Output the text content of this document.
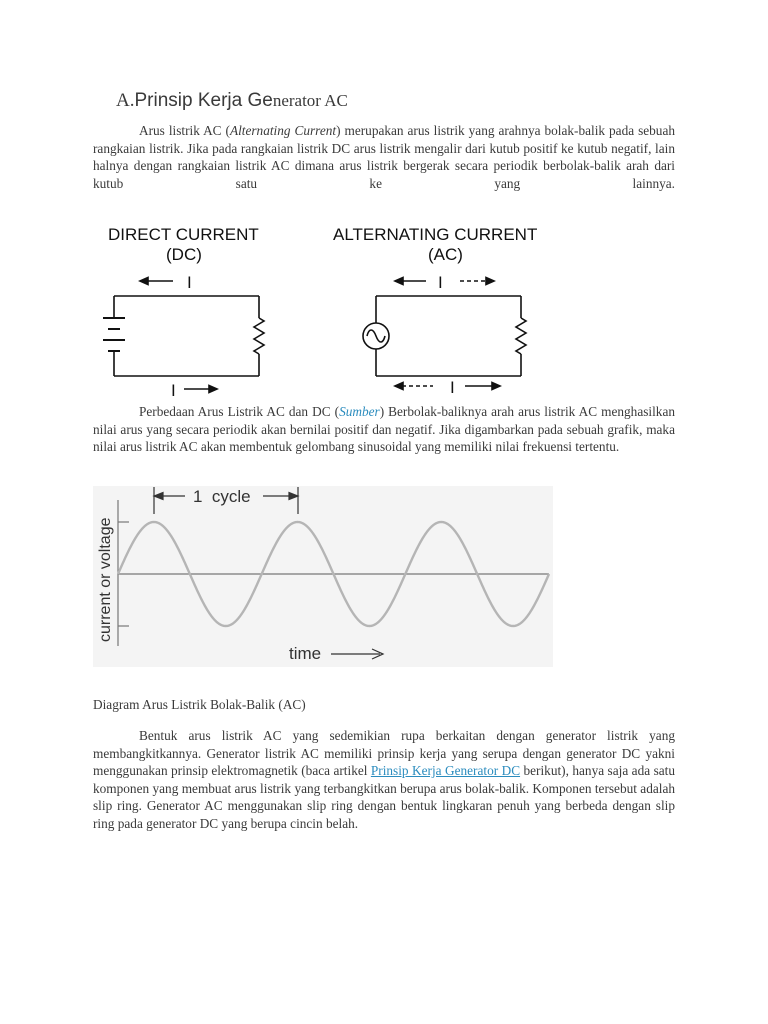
A.Prinsip Kerja Generator AC

Arus listrik AC (Alternating Current) merupakan arus listrik yang arahnya bolak-balik pada sebuah rangkaian listrik. Jika pada rangkaian listrik DC arus listrik mengalir dari kutub positif ke kutub negatif, lain halnya dengan rangkaian listrik AC dimana arus listrik bergerak secara periodik berbolak-balik arah dari kutub satu ke yang lainnya.

DIRECT CURRENT
(DC)
ALTERNATING CURRENT
(AC)
I
I
I
I

Perbedaan Arus Listrik AC dan DC (Sumber) Berbolak-baliknya arah arus listrik AC menghasilkan nilai arus yang secara periodik akan bernilai positif dan negatif. Jika digambarkan pada sebuah grafik, maka nilai arus listrik AC akan membentuk gelombang sinusoidal yang memiliki nilai frekuensi tertentu.

1  cycle
current or voltage
time

Diagram Arus Listrik Bolak-Balik (AC)

Bentuk arus listrik AC yang sedemikian rupa berkaitan dengan generator listrik yang membangkitkannya. Generator listrik AC memiliki prinsip kerja yang serupa dengan generator DC yakni menggunakan prinsip elektromagnetik (baca artikel Prinsip Kerja Generator DC berikut), hanya saja ada satu komponen yang membuat arus listrik yang terbangkitkan berupa arus bolak-balik. Komponen tersebut adalah slip ring. Generator AC menggunakan slip ring dengan bentuk lingkaran penuh yang berbeda dengan slip ring pada generator DC yang berupa cincin belah.
